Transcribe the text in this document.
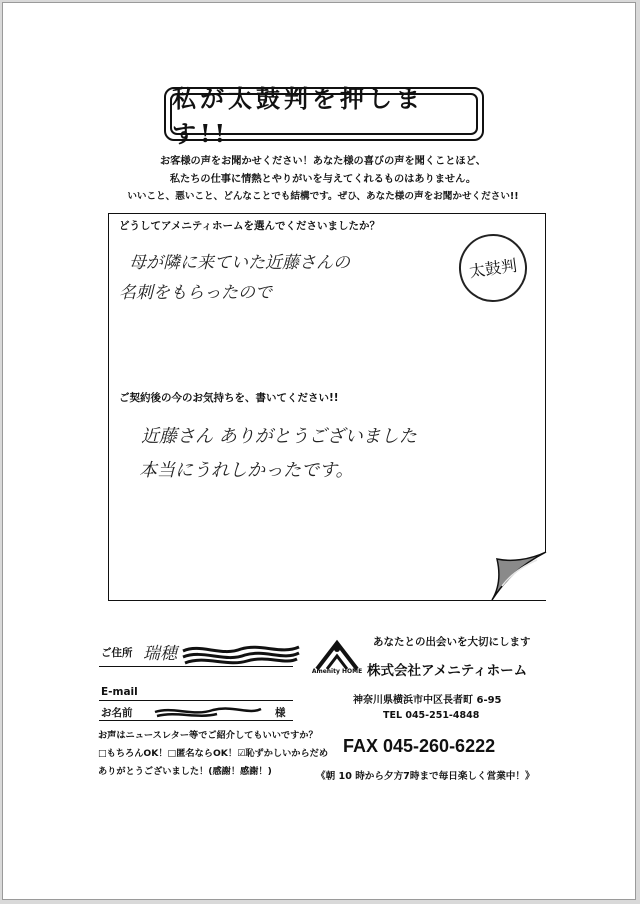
私が太鼓判を押します!!
お客様の声をお聞かせください！あなた様の喜びの声を聞くことほど、
私たちの仕事に情熱とやりがいを与えてくれるものはありません。
いいこと、悪いこと、どんなことでも結構です。ぜひ、あなた様の声をお聞かせください!!
どうしてアメニティホームを選んでくださいましたか？
母が隣に来ていた近藤さんの
名刺をもらったので
太
鼓
判
ご契約後の今のお気持ちを、書いてください!!
近藤さん ありがとうございました
本当にうれしかったです。
ご住所 瑞穂
E-mail
お名前	様
お声はニュースレター等でご紹介してもいいですか？
□もちろんOK！□匿名ならOK！☑恥ずかしいからだめ
ありがとうございました！(感謝！感謝！)
あなたとの出会いを大切にします
Amenity HOME 株式会社アメニティホーム
神奈川県横浜市中区長者町 6-95
TEL 045-251-4848
FAX 045-260-6222
《朝 10 時から夕方7時まで毎日楽しく営業中！》
